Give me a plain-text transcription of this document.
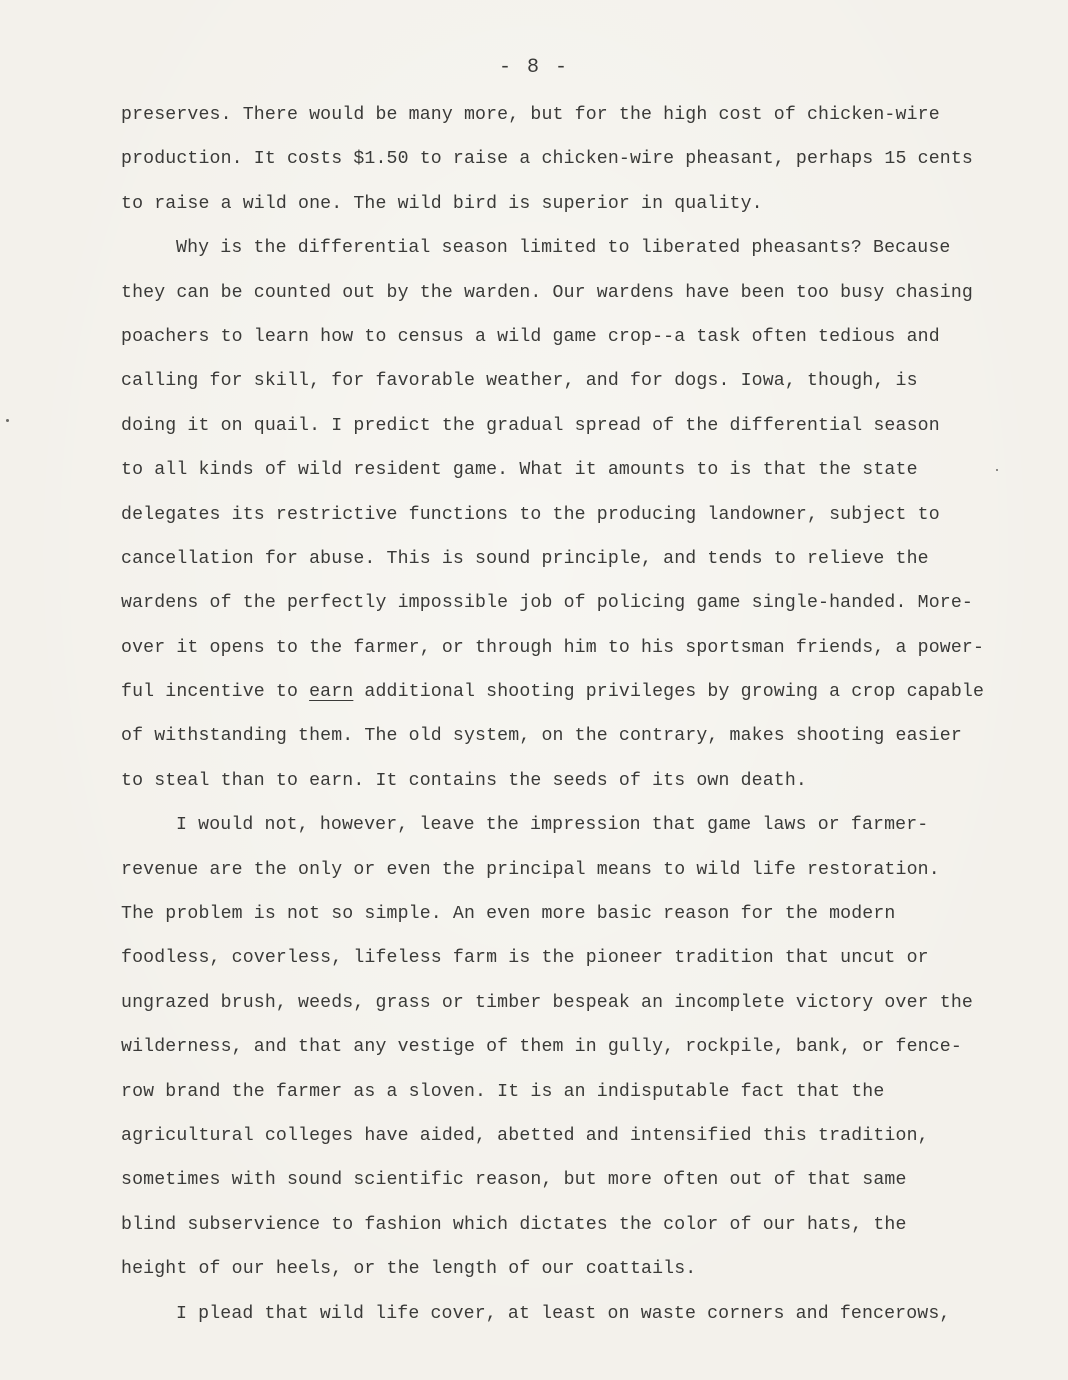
- 8 -
preserves. There would be many more, but for the high cost of chicken-wire
production. It costs $1.50 to raise a chicken-wire pheasant, perhaps 15 cents
to raise a wild one. The wild bird is superior in quality.
Why is the differential season limited to liberated pheasants? Because
they can be counted out by the warden. Our wardens have been too busy chasing
poachers to learn how to census a wild game crop--a task often tedious and
calling for skill, for favorable weather, and for dogs. Iowa, though, is
doing it on quail. I predict the gradual spread of the differential season
to all kinds of wild resident game. What it amounts to is that the state
delegates its restrictive functions to the producing landowner, subject to
cancellation for abuse. This is sound principle, and tends to relieve the
wardens of the perfectly impossible job of policing game single-handed. More-
over it opens to the farmer, or through him to his sportsman friends, a power-
ful incentive to earn additional shooting privileges by growing a crop capable
of withstanding them. The old system, on the contrary, makes shooting easier
to steal than to earn. It contains the seeds of its own death.
I would not, however, leave the impression that game laws or farmer-
revenue are the only or even the principal means to wild life restoration.
The problem is not so simple. An even more basic reason for the modern
foodless, coverless, lifeless farm is the pioneer tradition that uncut or
ungrazed brush, weeds, grass or timber bespeak an incomplete victory over the
wilderness, and that any vestige of them in gully, rockpile, bank, or fence-
row brand the farmer as a sloven. It is an indisputable fact that the
agricultural colleges have aided, abetted and intensified this tradition,
sometimes with sound scientific reason, but more often out of that same
blind subservience to fashion which dictates the color of our hats, the
height of our heels, or the length of our coattails.
I plead that wild life cover, at least on waste corners and fencerows,
